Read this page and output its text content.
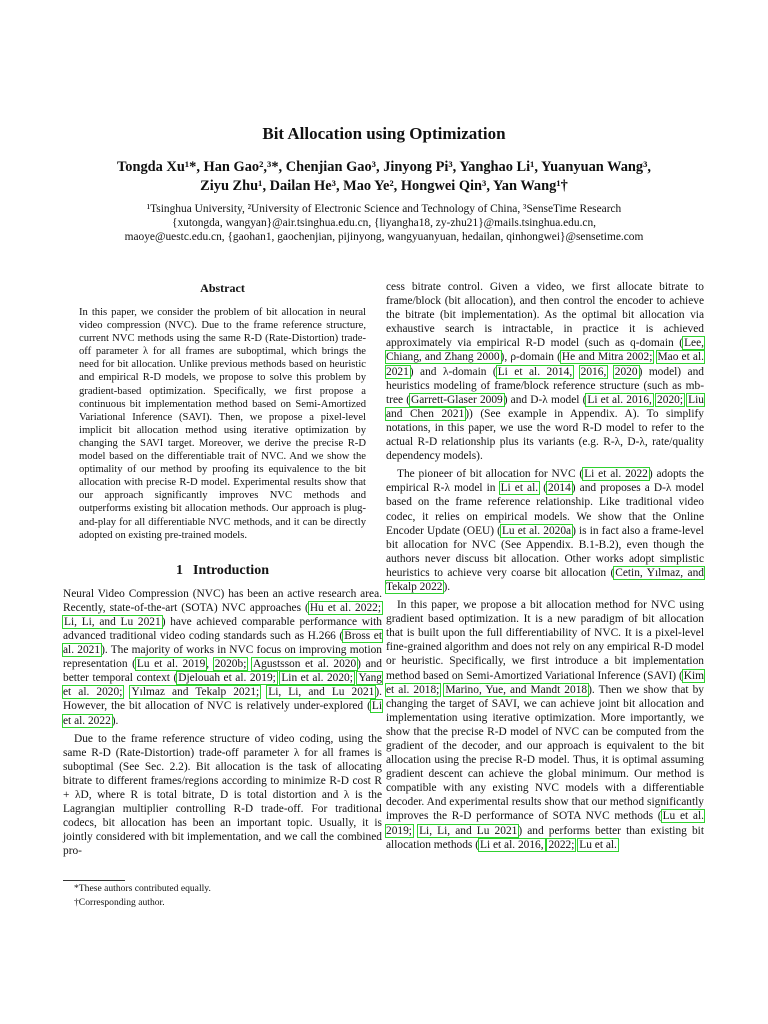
Bit Allocation using Optimization
Tongda Xu¹*, Han Gao²,³*, Chenjian Gao³, Jinyong Pi³, Yanghao Li¹, Yuanyuan Wang³,
Ziyu Zhu¹, Dailan He³, Mao Ye², Hongwei Qin³, Yan Wang¹†
¹Tsinghua University, ²University of Electronic Science and Technology of China, ³SenseTime Research
{xutongda, wangyan}@air.tsinghua.edu.cn, {liyangha18, zy-zhu21}@mails.tsinghua.edu.cn,
maoye@uestc.edu.cn, {gaohan1, gaochenjian, pijinyong, wangyuanyuan, hedailan, qinhongwei}@sensetime.com
Abstract

In this paper, we consider the problem of bit allocation in neural video compression (NVC). Due to the frame reference structure, current NVC methods using the same R-D (Rate-Distortion) trade-off parameter λ for all frames are suboptimal, which brings the need for bit allocation. Unlike previous methods based on heuristic and empirical R-D models, we propose to solve this problem by gradient-based optimization. Specifically, we first propose a continuous bit implementation method based on Semi-Amortized Variational Inference (SAVI). Then, we propose a pixel-level implicit bit allocation method using iterative optimization by changing the SAVI target. Moreover, we derive the precise R-D model based on the differentiable trait of NVC. And we show the optimality of our method by proofing its equivalence to the bit allocation with precise R-D model. Experimental results show that our approach significantly improves NVC methods and outperforms existing bit allocation methods. Our approach is plug-and-play for all differentiable NVC methods, and it can be directly adopted on existing pre-trained models.

1 Introduction

Neural Video Compression (NVC) has been an active research area. Recently, state-of-the-art (SOTA) NVC approaches (Hu et al. 2022; Li, Li, and Lu 2021) have achieved comparable performance with advanced traditional video coding standards such as H.266 (Bross et al. 2021). The majority of works in NVC focus on improving motion representation (Lu et al. 2019, 2020b; Agustsson et al. 2020) and better temporal context (Djelouah et al. 2019; Lin et al. 2020; Yang et al. 2020; Yılmaz and Tekalp 2021; Li, Li, and Lu 2021). However, the bit allocation of NVC is relatively under-explored (Li et al. 2022).

Due to the frame reference structure of video coding, using the same R-D (Rate-Distortion) trade-off parameter λ for all frames is suboptimal (See Sec. 2.2). Bit allocation is the task of allocating bitrate to different frames/regions according to minimize R-D cost R + λD, where R is total bitrate, D is total distortion and λ is the Lagrangian multiplier controlling R-D trade-off. For traditional codecs, bit allocation has been an important topic. Usually, it is jointly considered with bit implementation, and we call the combined pro-

cess bitrate control. Given a video, we first allocate bitrate to frame/block (bit allocation), and then control the encoder to achieve the bitrate (bit implementation). As the optimal bit allocation via exhaustive search is intractable, in practice it is achieved approximately via empirical R-D model (such as q-domain (Lee, Chiang, and Zhang 2000), ρ-domain (He and Mitra 2002; Mao et al. 2021) and λ-domain (Li et al. 2014, 2016, 2020) model) and heuristics modeling of frame/block reference structure (such as mb-tree (Garrett-Glaser 2009) and D-λ model (Li et al. 2016, 2020; Liu and Chen 2021)) (See example in Appendix. A). To simplify notations, in this paper, we use the word R-D model to refer to the actual R-D relationship plus its variants (e.g. R-λ, D-λ, rate/quality dependency models).

The pioneer of bit allocation for NVC (Li et al. 2022) adopts the empirical R-λ model in Li et al. (2014) and proposes a D-λ model based on the frame reference relationship. Like traditional video codec, it relies on empirical models. We show that the Online Encoder Update (OEU) (Lu et al. 2020a) is in fact also a frame-level bit allocation for NVC (See Appendix. B.1-B.2), even though the authors never discuss bit allocation. Other works adopt simplistic heuristics to achieve very coarse bit allocation (Cetin, Yılmaz, and Tekalp 2022).

In this paper, we propose a bit allocation method for NVC using gradient based optimization. It is a new paradigm of bit allocation that is built upon the full differentiability of NVC. It is a pixel-level fine-grained algorithm and does not rely on any empirical R-D model or heuristic. Specifically, we first introduce a bit implementation method based on Semi-Amortized Variational Inference (SAVI) (Kim et al. 2018; Marino, Yue, and Mandt 2018). Then we show that by changing the target of SAVI, we can achieve joint bit allocation and implementation using iterative optimization. More importantly, we show that the precise R-D model of NVC can be computed from the gradient of the decoder, and our approach is equivalent to the bit allocation using the precise R-D model. Thus, it is optimal assuming gradient descent can achieve the global minimum. Our method is compatible with any existing NVC models with a differentiable decoder. And experimental results show that our method significantly improves the R-D performance of SOTA NVC methods (Lu et al. 2019; Li, Li, and Lu 2021) and performs better than existing bit allocation methods (Li et al. 2016, 2022; Lu et al.

*These authors contributed equally.
†Corresponding author.
